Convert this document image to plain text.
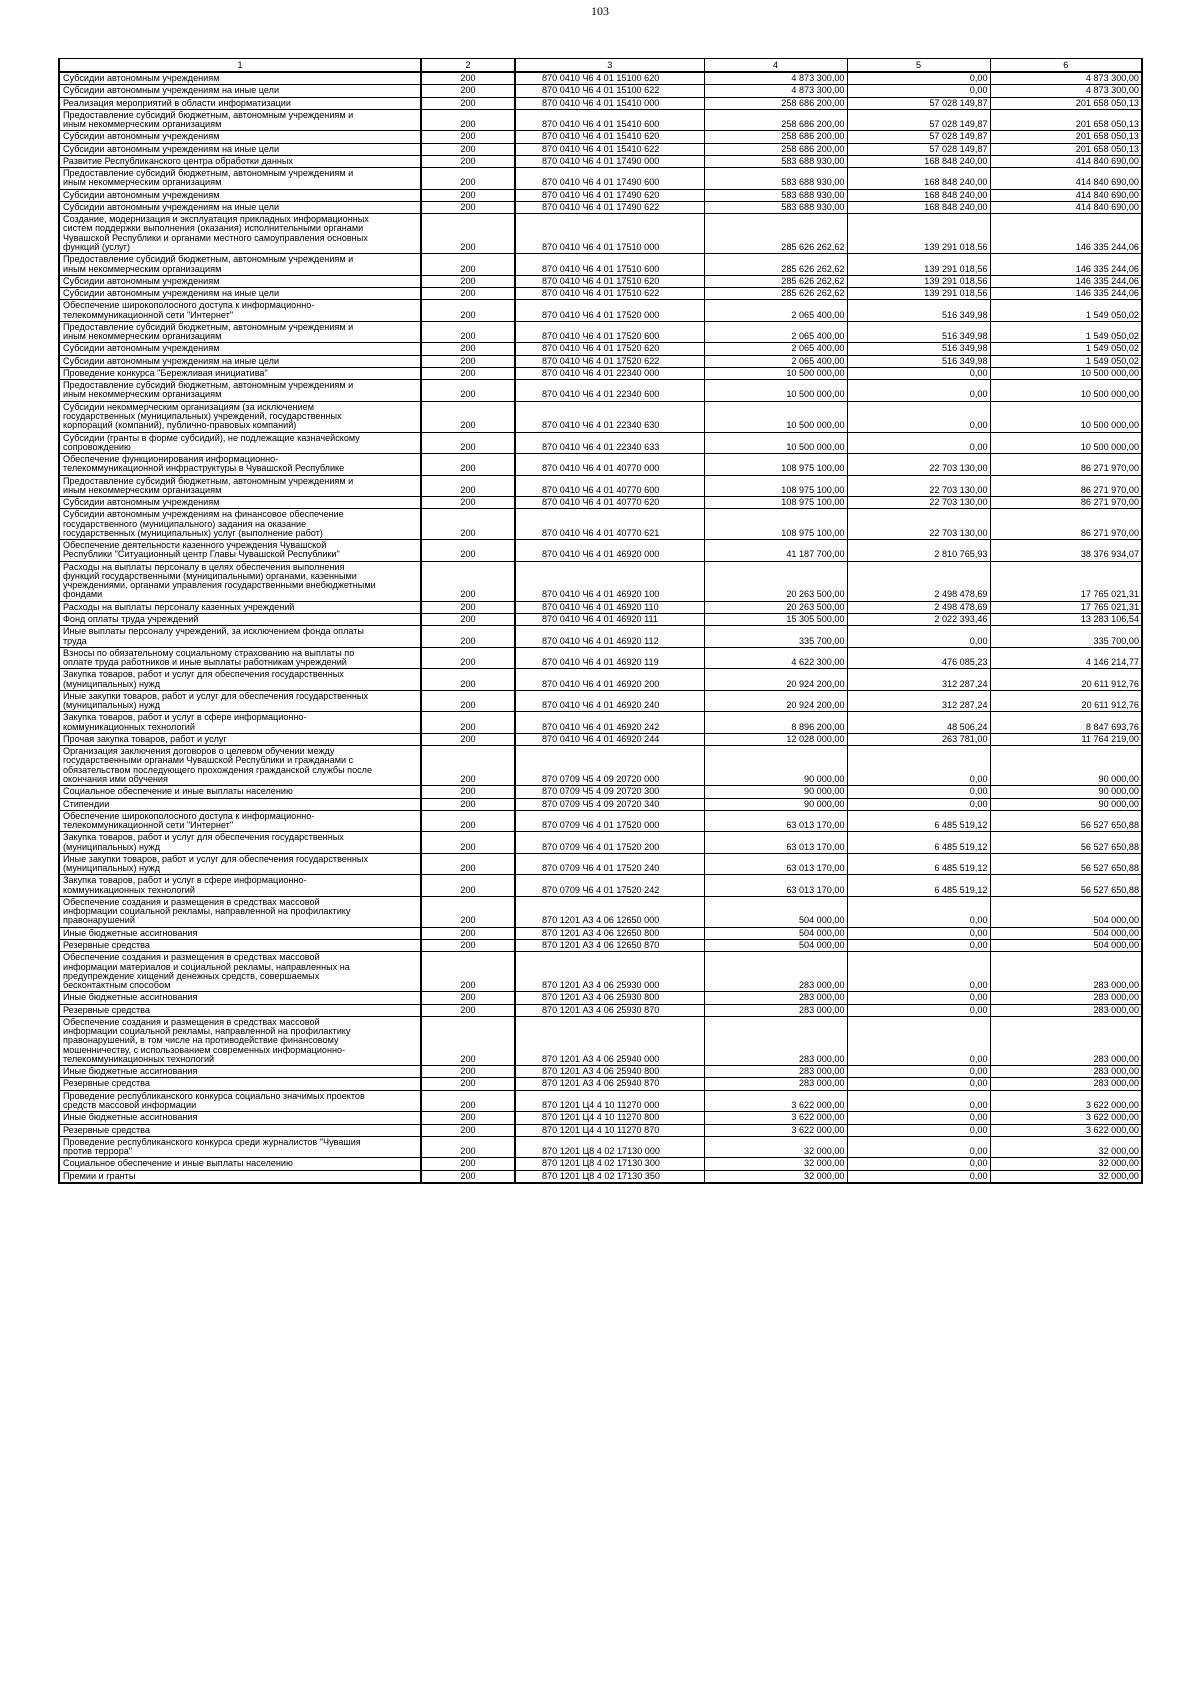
103
1	2	3	4	5	6
Субсидии автономным учреждениям	200	870 0410 Ч6 4 01 15100 620	4 873 300,00	0,00	4 873 300,00
Субсидии автономным учреждениям на иные цели	200	870 0410 Ч6 4 01 15100 622	4 873 300,00	0,00	4 873 300,00
Реализация мероприятий в области информатизации	200	870 0410 Ч6 4 01 15410 000	258 686 200,00	57 028 149,87	201 658 050,13
Предоставление субсидий бюджетным, автономным учреждениям и
иным некоммерческим организациям	200	870 0410 Ч6 4 01 15410 600	258 686 200,00	57 028 149,87	201 658 050,13
Субсидии автономным учреждениям	200	870 0410 Ч6 4 01 15410 620	258 686 200,00	57 028 149,87	201 658 050,13
Субсидии автономным учреждениям на иные цели	200	870 0410 Ч6 4 01 15410 622	258 686 200,00	57 028 149,87	201 658 050,13
Развитие Республиканского центра обработки данных	200	870 0410 Ч6 4 01 17490 000	583 688 930,00	168 848 240,00	414 840 690,00
Предоставление субсидий бюджетным, автономным учреждениям и
иным некоммерческим организациям	200	870 0410 Ч6 4 01 17490 600	583 688 930,00	168 848 240,00	414 840 690,00
Субсидии автономным учреждениям	200	870 0410 Ч6 4 01 17490 620	583 688 930,00	168 848 240,00	414 840 690,00
Субсидии автономным учреждениям на иные цели	200	870 0410 Ч6 4 01 17490 622	583 688 930,00	168 848 240,00	414 840 690,00
Создание, модернизация и эксплуатация прикладных информационных
систем поддержки выполнения (оказания) исполнительными органами
Чувашской Республики и органами местного самоуправления основных
функций (услуг)	200	870 0410 Ч6 4 01 17510 000	285 626 262,62	139 291 018,56	146 335 244,06
Предоставление субсидий бюджетным, автономным учреждениям и
иным некоммерческим организациям	200	870 0410 Ч6 4 01 17510 600	285 626 262,62	139 291 018,56	146 335 244,06
Субсидии автономным учреждениям	200	870 0410 Ч6 4 01 17510 620	285 626 262,62	139 291 018,56	146 335 244,06
Субсидии автономным учреждениям на иные цели	200	870 0410 Ч6 4 01 17510 622	285 626 262,62	139 291 018,56	146 335 244,06
Обеспечение широкополосного доступа к информационно-
телекоммуникационной сети "Интернет"	200	870 0410 Ч6 4 01 17520 000	2 065 400,00	516 349,98	1 549 050,02
Предоставление субсидий бюджетным, автономным учреждениям и
иным некоммерческим организациям	200	870 0410 Ч6 4 01 17520 600	2 065 400,00	516 349,98	1 549 050,02
Субсидии автономным учреждениям	200	870 0410 Ч6 4 01 17520 620	2 065 400,00	516 349,98	1 549 050,02
Субсидии автономным учреждениям на иные цели	200	870 0410 Ч6 4 01 17520 622	2 065 400,00	516 349,98	1 549 050,02
Проведение конкурса "Бережливая инициатива"	200	870 0410 Ч6 4 01 22340 000	10 500 000,00	0,00	10 500 000,00
Предоставление субсидий бюджетным, автономным учреждениям и
иным некоммерческим организациям	200	870 0410 Ч6 4 01 22340 600	10 500 000,00	0,00	10 500 000,00
Субсидии некоммерческим организациям (за исключением
государственных (муниципальных) учреждений, государственных
корпораций (компаний), публично-правовых компаний)	200	870 0410 Ч6 4 01 22340 630	10 500 000,00	0,00	10 500 000,00
Субсидии (гранты в форме субсидий), не подлежащие казначейскому
сопровождению	200	870 0410 Ч6 4 01 22340 633	10 500 000,00	0,00	10 500 000,00
Обеспечение функционирования информационно-
телекоммуникационной инфраструктуры в Чувашской Республике	200	870 0410 Ч6 4 01 40770 000	108 975 100,00	22 703 130,00	86 271 970,00
Предоставление субсидий бюджетным, автономным учреждениям и
иным некоммерческим организациям	200	870 0410 Ч6 4 01 40770 600	108 975 100,00	22 703 130,00	86 271 970,00
Субсидии автономным учреждениям	200	870 0410 Ч6 4 01 40770 620	108 975 100,00	22 703 130,00	86 271 970,00
Субсидии автономным учреждениям на финансовое обеспечение
государственного (муниципального) задания на оказание
государственных (муниципальных) услуг (выполнение работ)	200	870 0410 Ч6 4 01 40770 621	108 975 100,00	22 703 130,00	86 271 970,00
Обеспечение деятельности казенного учреждения Чувашской
Республики "Ситуационный центр Главы Чувашской Республики"	200	870 0410 Ч6 4 01 46920 000	41 187 700,00	2 810 765,93	38 376 934,07
Расходы на выплаты персоналу в целях обеспечения выполнения
функций государственными (муниципальными) органами, казенными
учреждениями, органами управления государственными внебюджетными
фондами	200	870 0410 Ч6 4 01 46920 100	20 263 500,00	2 498 478,69	17 765 021,31
Расходы на выплаты персоналу казенных учреждений	200	870 0410 Ч6 4 01 46920 110	20 263 500,00	2 498 478,69	17 765 021,31
Фонд оплаты труда учреждений	200	870 0410 Ч6 4 01 46920 111	15 305 500,00	2 022 393,46	13 283 106,54
Иные выплаты персоналу учреждений, за исключением фонда оплаты
труда	200	870 0410 Ч6 4 01 46920 112	335 700,00	0,00	335 700,00
Взносы по обязательному социальному страхованию на выплаты по
оплате труда работников и иные выплаты работникам учреждений	200	870 0410 Ч6 4 01 46920 119	4 622 300,00	476 085,23	4 146 214,77
Закупка товаров, работ и услуг для обеспечения государственных
(муниципальных) нужд	200	870 0410 Ч6 4 01 46920 200	20 924 200,00	312 287,24	20 611 912,76
Иные закупки товаров, работ и услуг для обеспечения государственных
(муниципальных) нужд	200	870 0410 Ч6 4 01 46920 240	20 924 200,00	312 287,24	20 611 912,76
Закупка товаров, работ и услуг в сфере информационно-
коммуникационных технологий	200	870 0410 Ч6 4 01 46920 242	8 896 200,00	48 506,24	8 847 693,76
Прочая закупка товаров, работ и услуг	200	870 0410 Ч6 4 01 46920 244	12 028 000,00	263 781,00	11 764 219,00
Организация заключения договоров о целевом обучении между
государственными органами Чувашской Республики и гражданами с
обязательством последующего прохождения гражданской службы после
окончания ими обучения	200	870 0709 Ч5 4 09 20720 000	90 000,00	0,00	90 000,00
Социальное обеспечение и иные выплаты населению	200	870 0709 Ч5 4 09 20720 300	90 000,00	0,00	90 000,00
Стипендии	200	870 0709 Ч5 4 09 20720 340	90 000,00	0,00	90 000,00
Обеспечение широкополосного доступа к информационно-
телекоммуникационной сети "Интернет"	200	870 0709 Ч6 4 01 17520 000	63 013 170,00	6 485 519,12	56 527 650,88
Закупка товаров, работ и услуг для обеспечения государственных
(муниципальных) нужд	200	870 0709 Ч6 4 01 17520 200	63 013 170,00	6 485 519,12	56 527 650,88
Иные закупки товаров, работ и услуг для обеспечения государственных
(муниципальных) нужд	200	870 0709 Ч6 4 01 17520 240	63 013 170,00	6 485 519,12	56 527 650,88
Закупка товаров, работ и услуг в сфере информационно-
коммуникационных технологий	200	870 0709 Ч6 4 01 17520 242	63 013 170,00	6 485 519,12	56 527 650,88
Обеспечение создания и размещения в средствах массовой
информации социальной рекламы, направленной на профилактику
правонарушений	200	870 1201 А3 4 06 12650 000	504 000,00	0,00	504 000,00
Иные бюджетные ассигнования	200	870 1201 А3 4 06 12650 800	504 000,00	0,00	504 000,00
Резервные средства	200	870 1201 А3 4 06 12650 870	504 000,00	0,00	504 000,00
Обеспечение создания и размещения в средствах массовой
информации материалов и социальной рекламы, направленных на
предупреждение хищений денежных средств, совершаемых
бесконтактным способом	200	870 1201 А3 4 06 25930 000	283 000,00	0,00	283 000,00
Иные бюджетные ассигнования	200	870 1201 А3 4 06 25930 800	283 000,00	0,00	283 000,00
Резервные средства	200	870 1201 А3 4 06 25930 870	283 000,00	0,00	283 000,00
Обеспечение создания и размещения в средствах массовой
информации социальной рекламы, направленной на профилактику
правонарушений, в том числе на противодействие финансовому
мошенничеству, с использованием современных информационно-
телекоммуникационных технологий	200	870 1201 А3 4 06 25940 000	283 000,00	0,00	283 000,00
Иные бюджетные ассигнования	200	870 1201 А3 4 06 25940 800	283 000,00	0,00	283 000,00
Резервные средства	200	870 1201 А3 4 06 25940 870	283 000,00	0,00	283 000,00
Проведение республиканского конкурса социально значимых проектов
средств массовой информации	200	870 1201 Ц4 4 10 11270 000	3 622 000,00	0,00	3 622 000,00
Иные бюджетные ассигнования	200	870 1201 Ц4 4 10 11270 800	3 622 000,00	0,00	3 622 000,00
Резервные средства	200	870 1201 Ц4 4 10 11270 870	3 622 000,00	0,00	3 622 000,00
Проведение республиканского конкурса среди журналистов "Чувашия
против террора"	200	870 1201 Ц8 4 02 17130 000	32 000,00	0,00	32 000,00
Социальное обеспечение и иные выплаты населению	200	870 1201 Ц8 4 02 17130 300	32 000,00	0,00	32 000,00
Премии и гранты	200	870 1201 Ц8 4 02 17130 350	32 000,00	0,00	32 000,00
